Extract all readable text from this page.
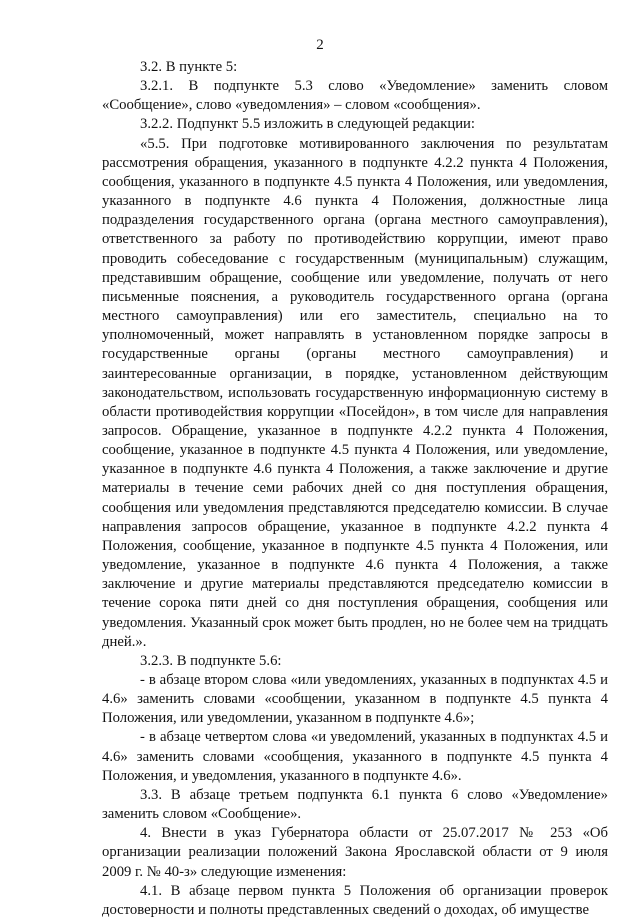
2

3.2. В пункте 5:

3.2.1. В подпункте 5.3 слово «Уведомление» заменить словом «Сообщение», слово «уведомления» – словом «сообщения».

3.2.2. Подпункт 5.5 изложить в следующей редакции:

«5.5. При подготовке мотивированного заключения по результатам рассмотрения обращения, указанного в подпункте 4.2.2 пункта 4 Положения, сообщения, указанного в подпункте 4.5 пункта 4 Положения, или уведомления, указанного в подпункте 4.6 пункта 4 Положения, должностные лица подразделения государственного органа (органа местного самоуправления), ответственного за работу по противодействию коррупции, имеют право проводить собеседование с государственным (муниципальным) служащим, представившим обращение, сообщение или уведомление, получать от него письменные пояснения, а руководитель государственного органа (органа местного самоуправления) или его заместитель, специально на то уполномоченный, может направлять в установленном порядке запросы в государственные органы (органы местного самоуправления) и заинтересованные организации, в порядке, установленном действующим законодательством, использовать государственную информационную систему в области противодействия коррупции «Посейдон», в том числе для направления запросов. Обращение, указанное в подпункте 4.2.2 пункта 4 Положения, сообщение, указанное в подпункте 4.5 пункта 4 Положения, или уведомление, указанное в подпункте 4.6 пункта 4 Положения, а также заключение и другие материалы в течение семи рабочих дней со дня поступления обращения, сообщения или уведомления представляются председателю комиссии. В случае направления запросов обращение, указанное в подпункте 4.2.2 пункта 4 Положения, сообщение, указанное в подпункте 4.5 пункта 4 Положения, или уведомление, указанное в подпункте 4.6 пункта 4 Положения, а также заключение и другие материалы представляются председателю комиссии в течение сорока пяти дней со дня поступления обращения, сообщения или уведомления. Указанный срок может быть продлен, но не более чем на тридцать дней.».

3.2.3. В подпункте 5.6:

- в абзаце втором слова «или уведомлениях, указанных в подпунктах 4.5 и 4.6» заменить словами «сообщении, указанном в подпункте 4.5 пункта 4 Положения, или уведомлении, указанном в подпункте 4.6»;

- в абзаце четвертом слова «и уведомлений, указанных в подпунктах 4.5 и 4.6» заменить словами «сообщения, указанного в подпункте 4.5 пункта 4 Положения, и уведомления, указанного в подпункте 4.6».

3.3. В абзаце третьем подпункта 6.1 пункта 6 слово «Уведомление» заменить словом «Сообщение».

4. Внести в указ Губернатора области от 25.07.2017 № 253 «Об организации реализации положений Закона Ярославской области от 9 июля 2009 г. № 40-з» следующие изменения:

4.1. В абзаце первом пункта 5 Положения об организации проверок достоверности и полноты представленных сведений о доходах, об имуществе
